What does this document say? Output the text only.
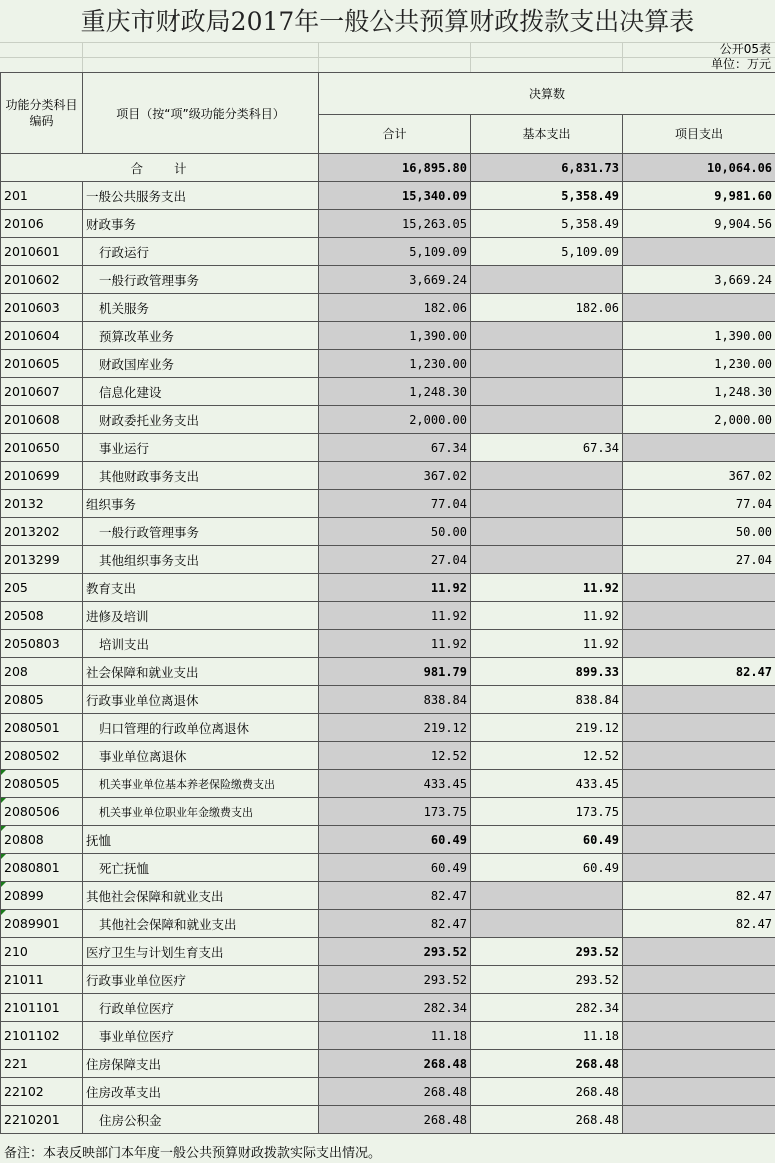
重庆市财政局2017年一般公共预算财政拨款支出决算表
公开05表
单位：万元
功能分类科目编码	项目（按“项”级功能分类科目）	决算数		
		合计	基本支出	项目支出
合　　计		16,895.80	6,831.73	10,064.06
201	一般公共服务支出	15,340.09	5,358.49	9,981.60
20106	财政事务	15,263.05	5,358.49	9,904.56
2010601	行政运行	5,109.09	5,109.09	
2010602	一般行政管理事务	3,669.24		3,669.24
2010603	机关服务	182.06	182.06	
2010604	预算改革业务	1,390.00		1,390.00
2010605	财政国库业务	1,230.00		1,230.00
2010607	信息化建设	1,248.30		1,248.30
2010608	财政委托业务支出	2,000.00		2,000.00
2010650	事业运行	67.34	67.34	
2010699	其他财政事务支出	367.02		367.02
20132	组织事务	77.04		77.04
2013202	一般行政管理事务	50.00		50.00
2013299	其他组织事务支出	27.04		27.04
205	教育支出	11.92	11.92	
20508	进修及培训	11.92	11.92	
2050803	培训支出	11.92	11.92	
208	社会保障和就业支出	981.79	899.33	82.47
20805	行政事业单位离退休	838.84	838.84	
2080501	归口管理的行政单位离退休	219.12	219.12	
2080502	事业单位离退休	12.52	12.52	
2080505	机关事业单位基本养老保险缴费支出	433.45	433.45	
2080506	机关事业单位职业年金缴费支出	173.75	173.75	
20808	抚恤	60.49	60.49	
2080801	死亡抚恤	60.49	60.49	
20899	其他社会保障和就业支出	82.47		82.47
2089901	其他社会保障和就业支出	82.47		82.47
210	医疗卫生与计划生育支出	293.52	293.52	
21011	行政事业单位医疗	293.52	293.52	
2101101	行政单位医疗	282.34	282.34	
2101102	事业单位医疗	11.18	11.18	
221	住房保障支出	268.48	268.48	
22102	住房改革支出	268.48	268.48	
2210201	住房公积金	268.48	268.48	
备注：本表反映部门本年度一般公共预算财政拨款实际支出情况。
